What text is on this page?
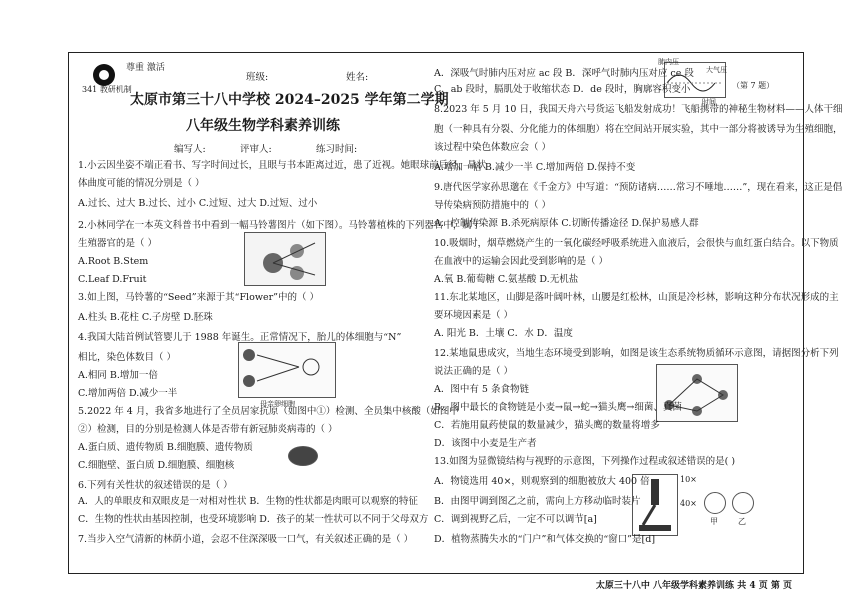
尊重 激活
341 教研机制
班级:	姓名:
太原市第三十八中学校 2024–2025 学年第二学期
八年级生物学科素养训练
编写人:	评审人:	练习时间:
母亲卵细胞
肺内压
时间
大气压
（第 7 题）
10×
40×
甲	乙
太原三十八中 八年级学科素养训练 共 4 页 第 页
1.小云因坐姿不端正看书、写字时间过长，且眼与书本距离过近，患了近视。她眼球前后径、晶状
体曲度可能的情况分别是（ ）
A.过长、过大 B.过长、过小 C.过短、过大 D.过短、过小
2.小林同学在一本英文科普书中看到一幅马铃薯图片（如下图）。马铃薯植株的下列器官中，属于
生殖器官的是（ ）
A.Root B.Stem
C.Leaf D.Fruit
3.如上图，马铃薯的“Seed”来源于其“Flower”中的（ ）
A.柱头 B.花柱 C.子房壁 D.胚珠
4.我国大陆首例试管婴儿于 1988 年诞生。正常情况下，胎儿的体细胞与“N”
相比，染色体数目（ ）
A.相同 B.增加一倍
C.增加两倍 D.减少一半
5.2022 年 4 月，我省多地进行了全员居家抗原（如图中①）检测、全员集中核酸（如图中
②）检测，目的分别是检测人体是否带有新冠肺炎病毒的（ ）
A.蛋白质、遗传物质 B.细胞膜、遗传物质
C.细胞壁、蛋白质 D.细胞膜、细胞核
6.下列有关性状的叙述错误的是（ ）
A．人的单眼皮和双眼皮是一对相对性状 B．生物的性状都是肉眼可以观察的特征
C．生物的性状由基因控制，也受环境影响 D．孩子的某一性状可以不同于父母双方
7.当步入空气清新的林荫小道，会忍不住深深吸一口气，有关叙述正确的是（ ）
A．深吸气时肺内压对应 ac 段 B．深呼气时肺内压对应 ce 段
C．ab 段时，膈肌处于收缩状态 D．de 段时，胸廓容积变小
8.2023 年 5 月 10 日，我国天舟六号货运飞船发射成功！飞船携带的神秘生物材料——人体干细
胞（一种具有分裂、分化能力的体细胞）将在空间站开展实验，其中一部分将被诱导为生殖细胞，
该过程中染色体数应会（ ）
A.增加一倍 B.减少一半 C.增加两倍 D.保持不变
9.唐代医学家孙思邈在《千金方》中写道：“预防诸病……常习不唾地……”，现在看来，这正是倡
导传染病预防措施中的（ ）
A．控制传染源 B.杀死病原体 C.切断传播途径 D.保护易感人群
10.吸烟时，烟草燃烧产生的一氧化碳经呼吸系统进入血液后，会很快与血红蛋白结合。以下物质
在血液中的运输会因此受到影响的是（ ）
A.氧 B.葡萄糖 C.氨基酸 D.无机盐
11.东北某地区，山脚是落叶阔叶林，山腰是红松林，山顶是冷杉林，影响这种分布状况形成的主
要环境因素是（ ）
A. 阳光 B．土壤 C．水 D．温度
12.某地鼠患成灾，当地生态环境受到影响，如图是该生态系统物质循环示意图，请据图分析下列
说法正确的是（ ）
A．图中有 5 条食物链
B．图中最长的食物链是小麦→鼠→蛇→猫头鹰→细菌、真菌
C．若施用鼠药使鼠的数量减少，猫头鹰的数量将增多
D．该图中小麦是生产者
13.如图为显微镜结构与视野的示意图，下列操作过程或叙述错误的是( )
A．物镜选用 40×，则观察到的细胞被放大 400 倍
B．由图甲调到图乙之前，需向上方移动临时装片
C．调到视野乙后，一定不可以调节[a]
D．植物蒸腾失水的“门户”和气体交换的“窗口”是[d]
